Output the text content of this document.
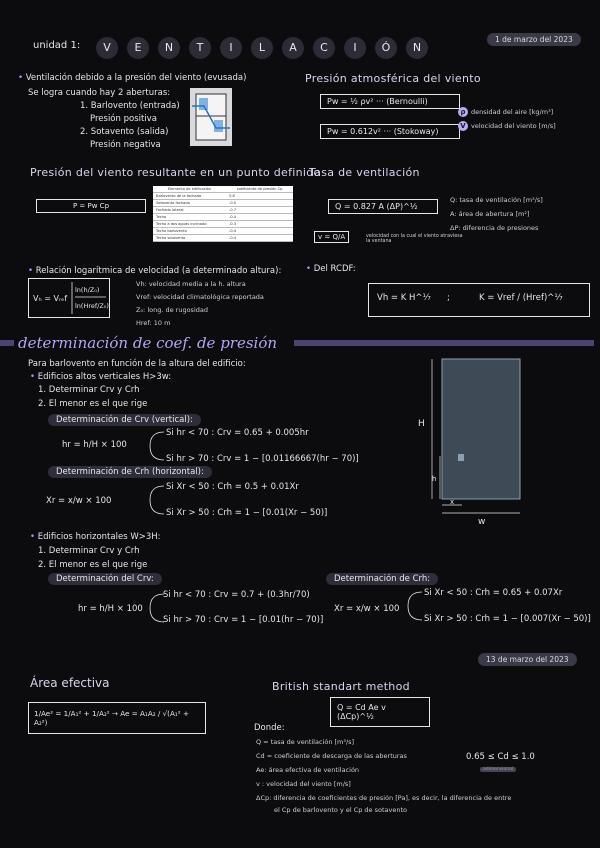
unidad 1:	V E N T I L A C I Ó N
1 de marzo del 2023
• Ventilación debido a la presión del viento (evusada)
Se logra cuando hay 2 aberturas:
1. Barlovento (entrada)
Presión positiva
2. Sotavento (salida)
Presión negativa
Presión atmosférica del viento
Pw = ½ ρv² ··· (Bernoulli)
Pw = 0.612v² ··· (Stokoway)
ρ densidad del aire [kg/m³]
V velocidad del viento [m/s]
Presión del viento resultante en un punto definido
P = Pw Cp
Elemento de edificación	coeficiente de presión Cp
Barlovento de la fachada	0.8
Sotavento fachada	-0.5
Fachada lateral	-0.7
Techo	-0.4
Techo a dos aguas inclinado	-0.3
Techo barlovento	-0.4
Techo sotavento	-0.4
Tasa de ventilación
Q = 0.827 A (ΔP)^½
Q: tasa de ventilación [m³/s]
A: área de abertura [m²]
ΔP: diferencia de presiones
v = Q/A	velocidad con la cual el viento atraviesa la ventana
• Relación logarítmica de velocidad (a determinado altura):
Vₕ = Vᵣₑf
ln(h/Z₀)
ln(Href/Z₀)
Vh: velocidad media a la h. altura
Vref: velocidad climatológica reportada
Z₀: long. de rugosidad
Href: 10 m
• Del RCDF:
Vh = K H^⅐ ;	K = Vref / (Href)^⅐
determinación de coef. de presión
Para barlovento en función de la altura del edificio:
• Edificios altos verticales H>3w:
1. Determinar Crv y Crh
2. El menor es el que rige
Determinación de Crv (vertical):
hr = h/H × 100
Si hr < 70 : Crv = 0.65 + 0.005hr
Si hr > 70 : Crv = 1 − [0.01166667(hr − 70)]
Determinación de Crh (horizontal):
Xr = x/w × 100
Si Xr < 50 : Crh = 0.5 + 0.01Xr
Si Xr > 50 : Crh = 1 − [0.01(Xr − 50)]
H
h
x
w
• Edificios horizontales W>3H:
1. Determinar Crv y Crh
2. El menor es el que rige
Determinación del Crv:
hr = h/H × 100
Si hr < 70 : Crv = 0.7 + (0.3hr/70)
Si hr > 70 : Crv = 1 − [0.01(hr − 70)]
Determinación de Crh:
Xr = x/w × 100
Si Xr < 50 : Crh = 0.65 + 0.07Xr
Si Xr > 50 : Crh = 1 − [0.007(Xr − 50)]
13 de marzo del 2023
Área efectiva
1/Ae² = 1/A₁² + 1/A₂² → Ae = A₁A₂ / √(A₁² + A₂²)
British standart method
Q = Cd Ae v (ΔCp)^½
Donde:
Q = tasa de ventilación [m³/s]
Cd = coeficiente de descarga de las aberturas
Ae: área efectiva de ventilación
v : velocidad del viento [m/s]
ΔCp: diferencia de coeficientes de presión [Pa], es decir, la diferencia de entre
el Cp de barlovento y el Cp de sotavento
0.65 ≤ Cd ≤ 1.0
adimensional
